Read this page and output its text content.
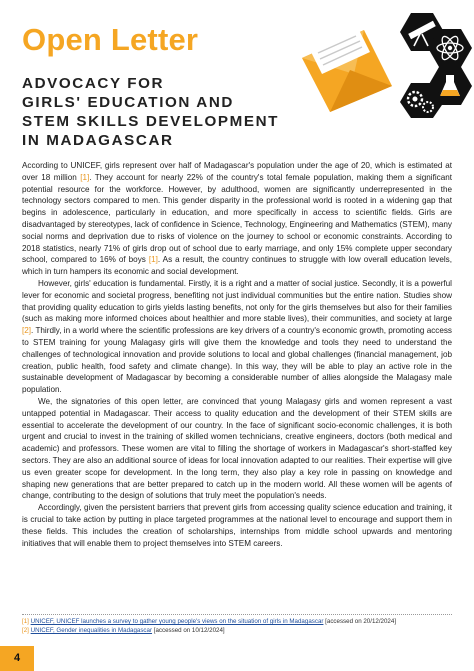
Open Letter
ADVOCACY FOR
GIRLS' EDUCATION AND
STEM SKILLS DEVELOPMENT
IN MADAGASCAR

According to UNICEF, girls represent over half of Madagascar's population under the age of 20, which is estimated at over 18 million [1]. They account for nearly 22% of the country's total female population, making them a significant potential resource for the workforce. However, by adulthood, women are significantly underrepresented in the technology sectors compared to men. This gender disparity in the professional world is rooted in a widening gap that begins in adolescence, particularly in education, and more specifically in access to scientific fields. Girls are disadvantaged by stereotypes, lack of confidence in Science, Technology, Engineering and Mathematics (STEM), many social norms and deprivation due to risks of violence on the journey to school or economic constraints. According to 2018 statistics, nearly 71% of girls drop out of school due to early marriage, and only 15% complete upper secondary school, compared to 16% of boys [1]. As a result, the country continues to struggle with low overall education levels, which in turn hampers its economic and social development.

However, girls' education is fundamental. Firstly, it is a right and a matter of social justice. Secondly, it is a powerful lever for economic and societal progress, benefiting not just individual communities but the entire nation. Studies show that providing quality education to girls yields lasting benefits, not only for the girls themselves but also for their families (such as making more informed choices about healthier and more stable lives), their communities, and society at large [2]. Thirdly, in a world where the scientific professions are key drivers of a country's economic growth, promoting access to STEM training for young Malagasy girls will give them the knowledge and tools they need to understand the challenges of technological innovation and provide solutions to local and global challenges (financial management, job creation, public health, food safety and climate change). In this way, they will be able to play an active role in the sustainable development of Madagascar by becoming a considerable number of allies alongside the Malagasy male population.

We, the signatories of this open letter, are convinced that young Malagasy girls and women represent a vast untapped potential in Madagascar. Their access to quality education and the development of their STEM skills are essential to accelerate the development of our country. In the face of significant socio-economic challenges, it is both urgent and crucial to invest in the training of skilled women technicians, creative engineers, doctors (both medical and academic) and professors. These women are vital to filling the shortage of workers in Madagascar's short-staffed key sectors. They are also an additional source of ideas for local innovation adapted to our realities. Their expertise will give us even greater scope for development. In the long term, they also play a key role in passing on knowledge and shaping new generations that are better prepared to catch up in the modern world. All these women will be agents of change, contributing to the design of solutions that truly meet the population's needs.

Accordingly, given the persistent barriers that prevent girls from accessing quality science education and training, it is crucial to take action by putting in place targeted programmes at the national level to encourage and support them in these fields. This includes the creation of scholarships, internships from middle school upwards and mentoring initiatives that will enable them to project themselves into STEM careers.

[1] UNICEF, UNICEF launches a survey to gather young people's views on the situation of girls in Madagascar [accessed on 20/12/2024]
[2] UNICEF, Gender inequalities in Madagascar [accessed on 10/12/2024]
4
